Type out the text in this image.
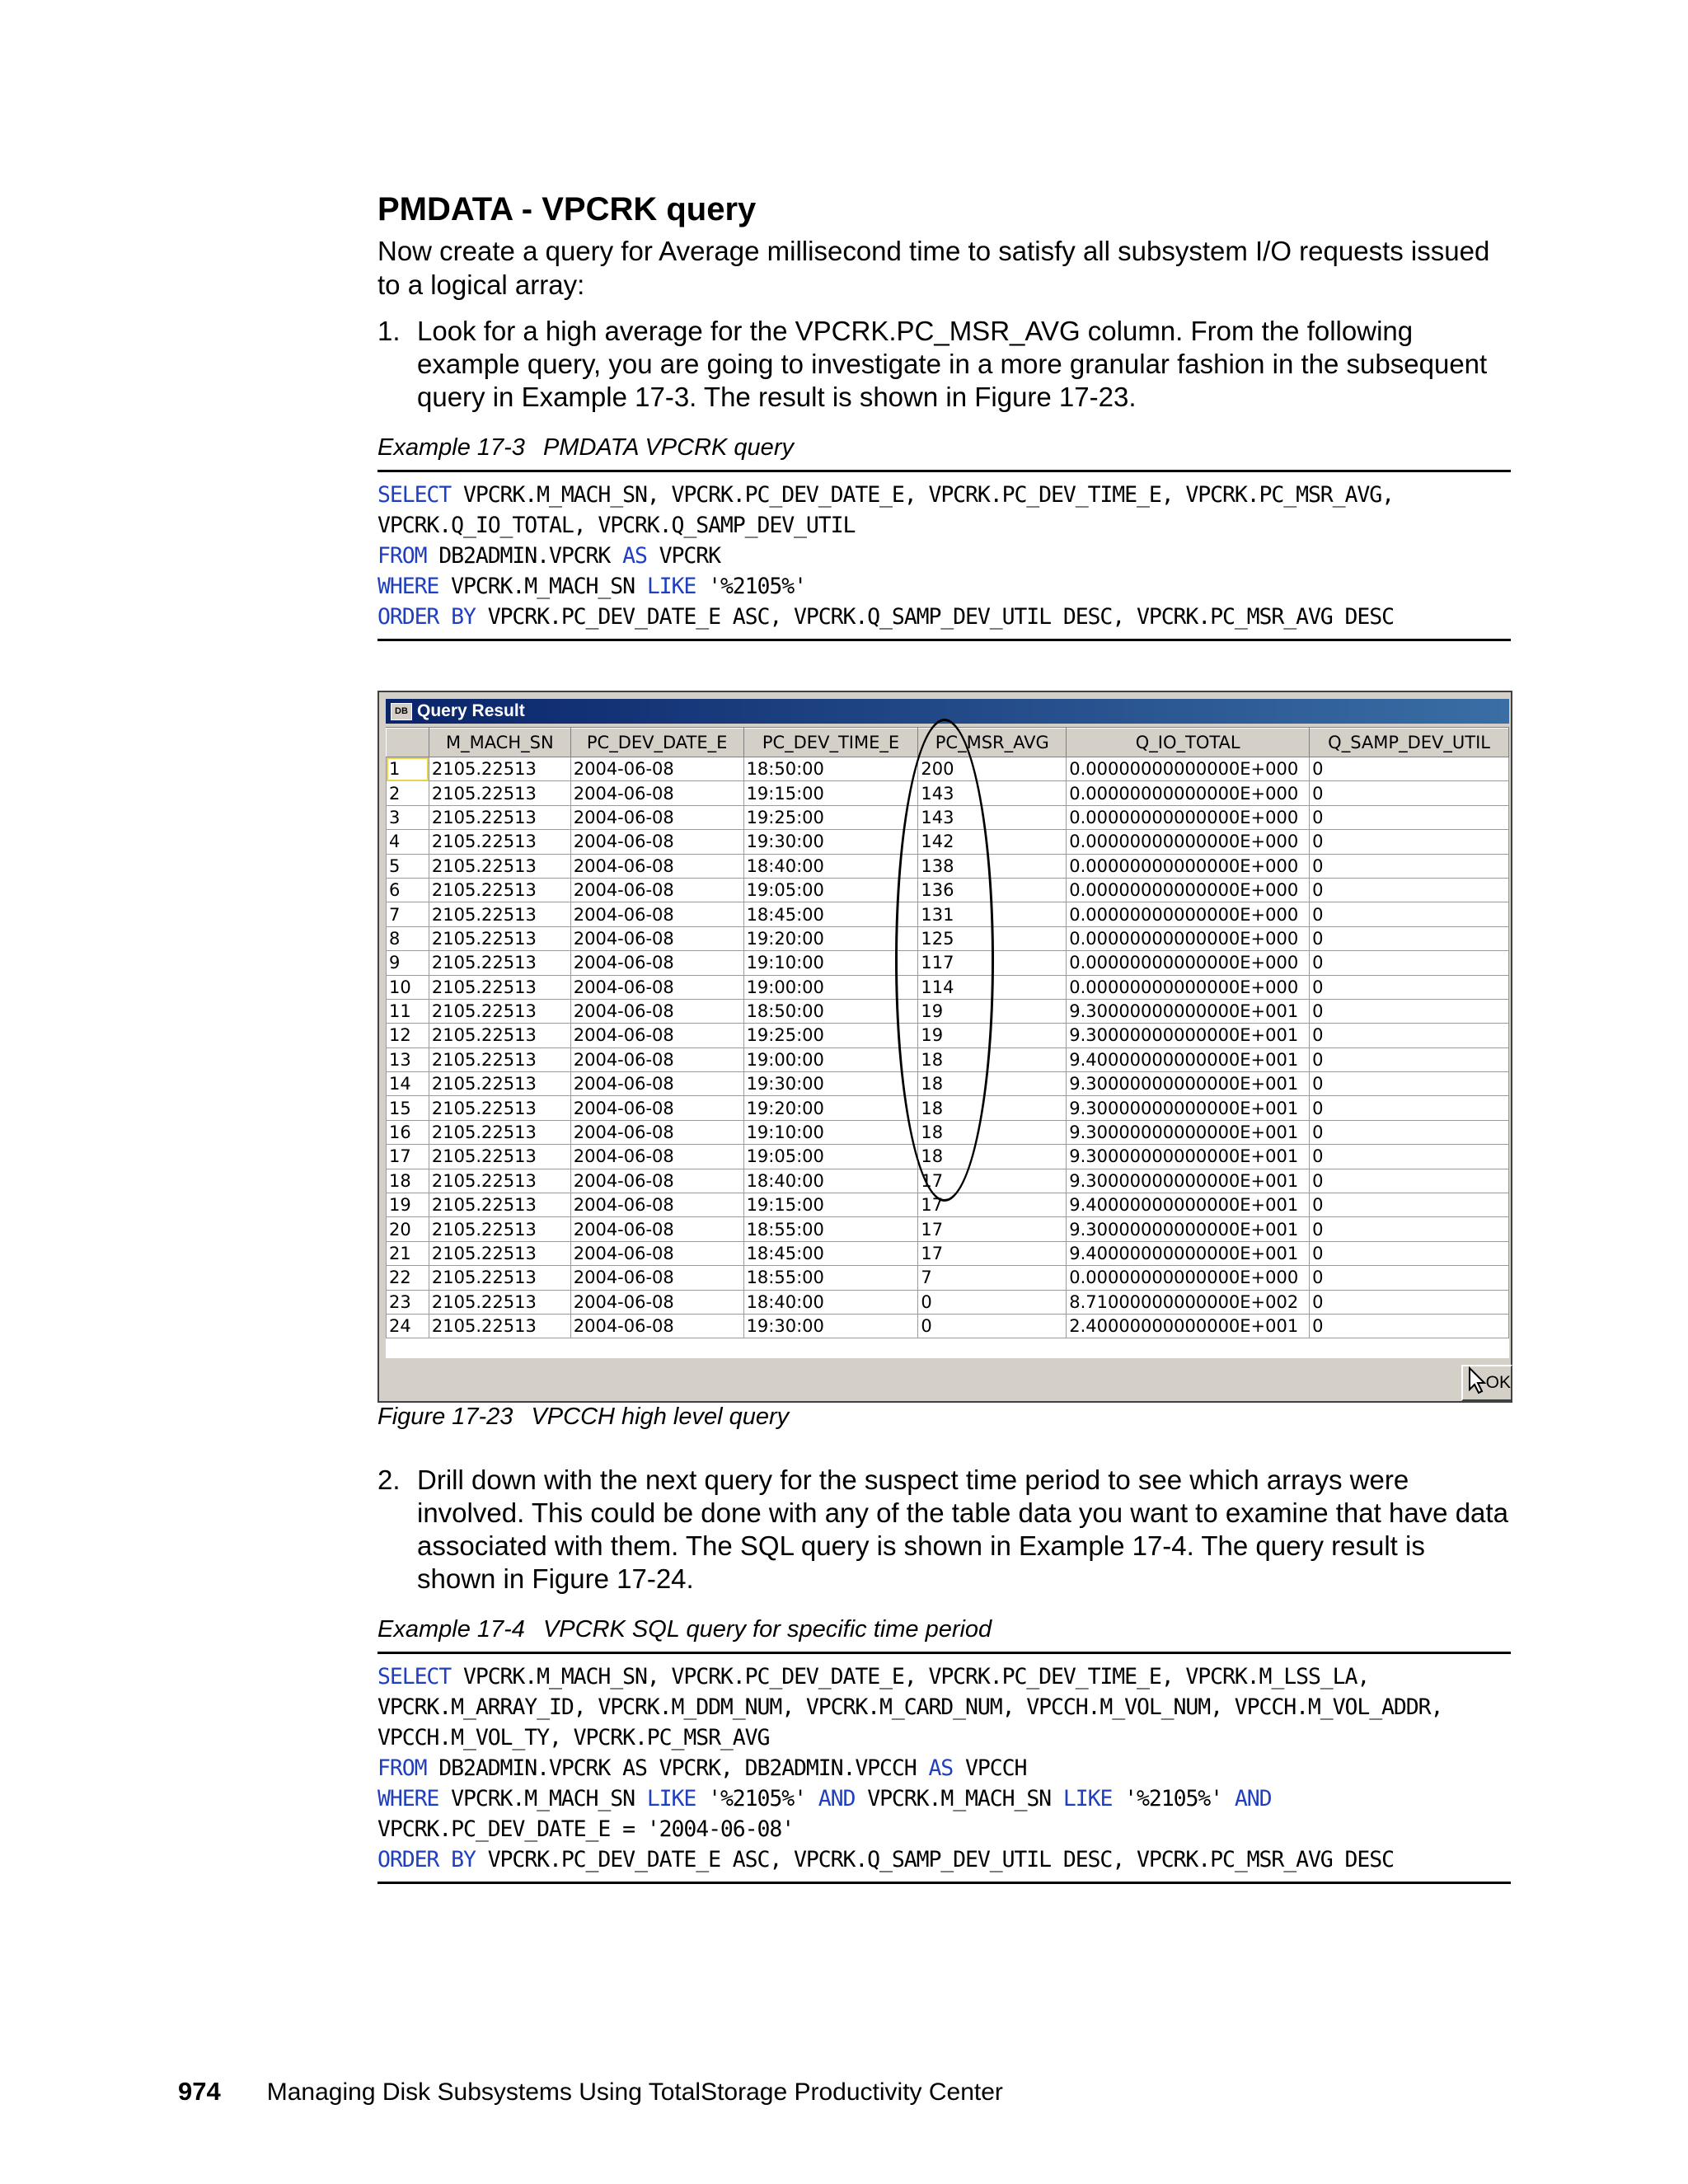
PMDATA - VPCRK query

Now create a query for Average millisecond time to satisfy all subsystem I/O requests issued to a logical array:

1. Look for a high average for the VPCRK.PC_MSR_AVG column. From the following example query, you are going to investigate in a more granular fashion in the subsequent query in Example 17-3. The result is shown in Figure 17-23.
Example 17-3 PMDATA VPCRK query
SELECT VPCRK.M_MACH_SN, VPCRK.PC_DEV_DATE_E, VPCRK.PC_DEV_TIME_E, VPCRK.PC_MSR_AVG,
VPCRK.Q_IO_TOTAL, VPCRK.Q_SAMP_DEV_UTIL
FROM DB2ADMIN.VPCRK AS VPCRK
WHERE VPCRK.M_MACH_SN LIKE '%2105%'
ORDER BY VPCRK.PC_DEV_DATE_E ASC, VPCRK.Q_SAMP_DEV_UTIL DESC, VPCRK.PC_MSR_AVG DESC
DB Query Result
	M_MACH_SN	PC_DEV_DATE_E	PC_DEV_TIME_E	PC_MSR_AVG	Q_IO_TOTAL	Q_SAMP_DEV_UTIL
1	2105.22513	2004-06-08	18:50:00	200	0.00000000000000E+000	0
2	2105.22513	2004-06-08	19:15:00	143	0.00000000000000E+000	0
3	2105.22513	2004-06-08	19:25:00	143	0.00000000000000E+000	0
4	2105.22513	2004-06-08	19:30:00	142	0.00000000000000E+000	0
5	2105.22513	2004-06-08	18:40:00	138	0.00000000000000E+000	0
6	2105.22513	2004-06-08	19:05:00	136	0.00000000000000E+000	0
7	2105.22513	2004-06-08	18:45:00	131	0.00000000000000E+000	0
8	2105.22513	2004-06-08	19:20:00	125	0.00000000000000E+000	0
9	2105.22513	2004-06-08	19:10:00	117	0.00000000000000E+000	0
10	2105.22513	2004-06-08	19:00:00	114	0.00000000000000E+000	0
11	2105.22513	2004-06-08	18:50:00	19	9.30000000000000E+001	0
12	2105.22513	2004-06-08	19:25:00	19	9.30000000000000E+001	0
13	2105.22513	2004-06-08	19:00:00	18	9.40000000000000E+001	0
14	2105.22513	2004-06-08	19:30:00	18	9.30000000000000E+001	0
15	2105.22513	2004-06-08	19:20:00	18	9.30000000000000E+001	0
16	2105.22513	2004-06-08	19:10:00	18	9.30000000000000E+001	0
17	2105.22513	2004-06-08	19:05:00	18	9.30000000000000E+001	0
18	2105.22513	2004-06-08	18:40:00	17	9.30000000000000E+001	0
19	2105.22513	2004-06-08	19:15:00	17	9.40000000000000E+001	0
20	2105.22513	2004-06-08	18:55:00	17	9.30000000000000E+001	0
21	2105.22513	2004-06-08	18:45:00	17	9.40000000000000E+001	0
22	2105.22513	2004-06-08	18:55:00	7	0.00000000000000E+000	0
23	2105.22513	2004-06-08	18:40:00	0	8.71000000000000E+002	0
24	2105.22513	2004-06-08	19:30:00	0	2.40000000000000E+001	0
OK
Figure 17-23 VPCCH high level query
2. Drill down with the next query for the suspect time period to see which arrays were involved. This could be done with any of the table data you want to examine that have data associated with them. The SQL query is shown in Example 17-4. The query result is shown in Figure 17-24.
Example 17-4 VPCRK SQL query for specific time period
SELECT VPCRK.M_MACH_SN, VPCRK.PC_DEV_DATE_E, VPCRK.PC_DEV_TIME_E, VPCRK.M_LSS_LA,
VPCRK.M_ARRAY_ID, VPCRK.M_DDM_NUM, VPCRK.M_CARD_NUM, VPCCH.M_VOL_NUM, VPCCH.M_VOL_ADDR,
VPCCH.M_VOL_TY, VPCRK.PC_MSR_AVG
FROM DB2ADMIN.VPCRK AS VPCRK, DB2ADMIN.VPCCH AS VPCCH
WHERE VPCRK.M_MACH_SN LIKE '%2105%' AND VPCRK.M_MACH_SN LIKE '%2105%' AND
VPCRK.PC_DEV_DATE_E = '2004-06-08'
ORDER BY VPCRK.PC_DEV_DATE_E ASC, VPCRK.Q_SAMP_DEV_UTIL DESC, VPCRK.PC_MSR_AVG DESC
974 Managing Disk Subsystems Using TotalStorage Productivity Center
